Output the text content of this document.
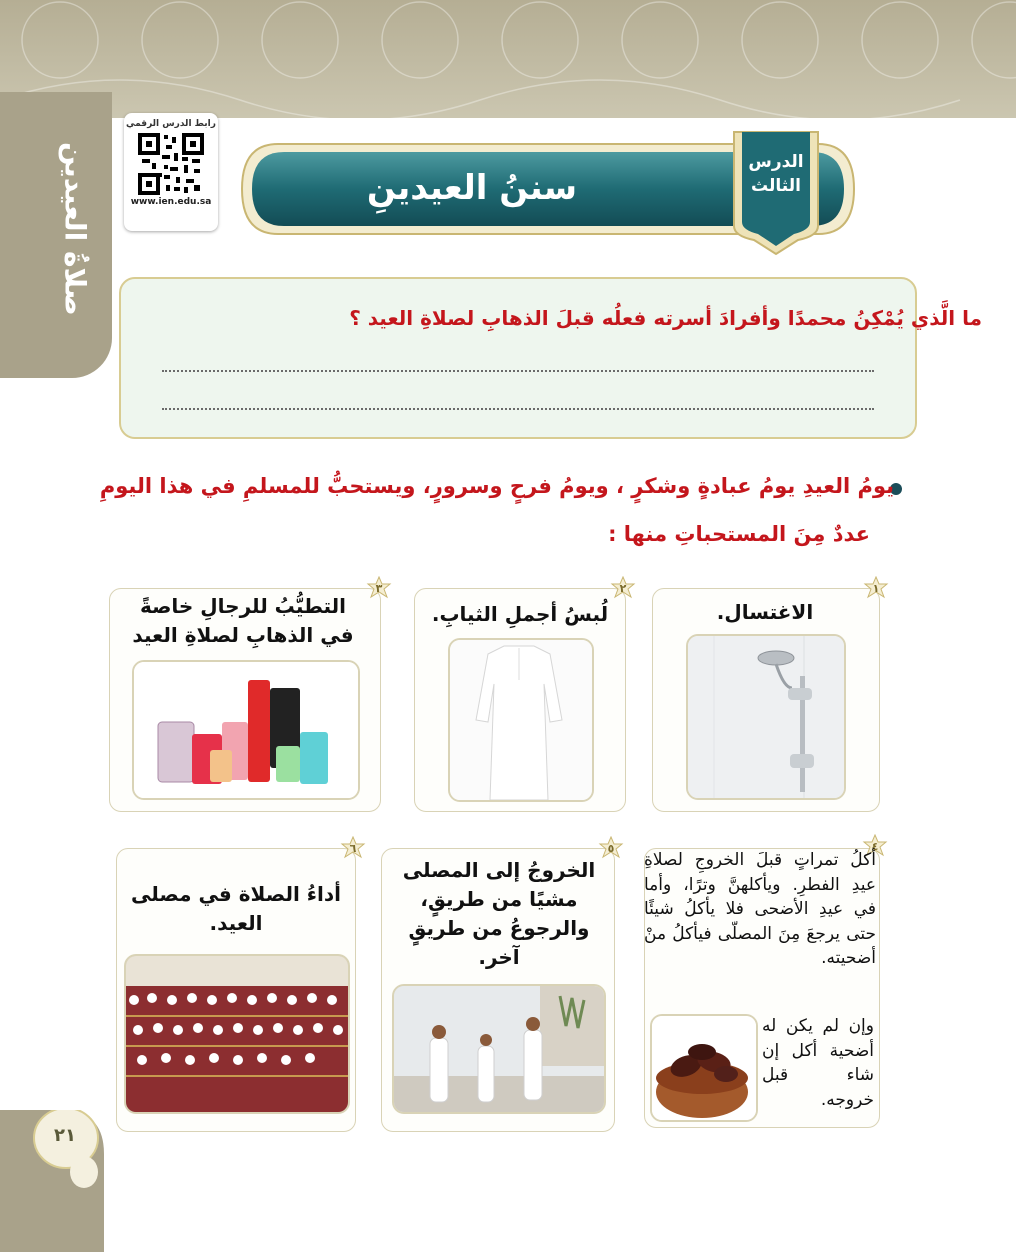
صلاةُ العيدين
رابط الدرس الرقمي
www.ien.edu.sa	سننُ العيدينِ
الدرس
الثالث
ما الَّذي يُمْكِنُ محمدًا وأفرادَ أسرته فعلُه قبلَ الذهابِ لصلاةِ العيد ؟
يومُ العيدِ يومُ عبادةٍ وشكرٍ ، ويومُ فرحٍ وسرورٍ، ويستحبُّ للمسلمِ في هذا اليومِ
عددٌ مِنَ المستحباتِ منها :
١
الاغتسال.
٢
لُبسُ أجملِ الثيابِ.
٣
التطيُّبُ للرجالِ خاصةً
في الذهابِ لصلاةِ العيد
٤
أكلُ تمراتٍ قبلَ الخروجِ لصلاةِ عيدِ الفطرِ. ويأكلهنَّ وترًا، وأما في عيدِ الأضحى فلا يأكلُ شيئًا حتى يرجعَ مِنَ المصلّى فيأكلُ منْ أضحيته.
وإن لم يكن له أضحية أكل إن شاء قبل خروجه.
٥
الخروجُ إلى المصلى
مشيًا من طريقٍ،
والرجوعُ من طريقٍ آخر.
٦
أداءُ الصلاة في مصلى
العيد.
٢١
